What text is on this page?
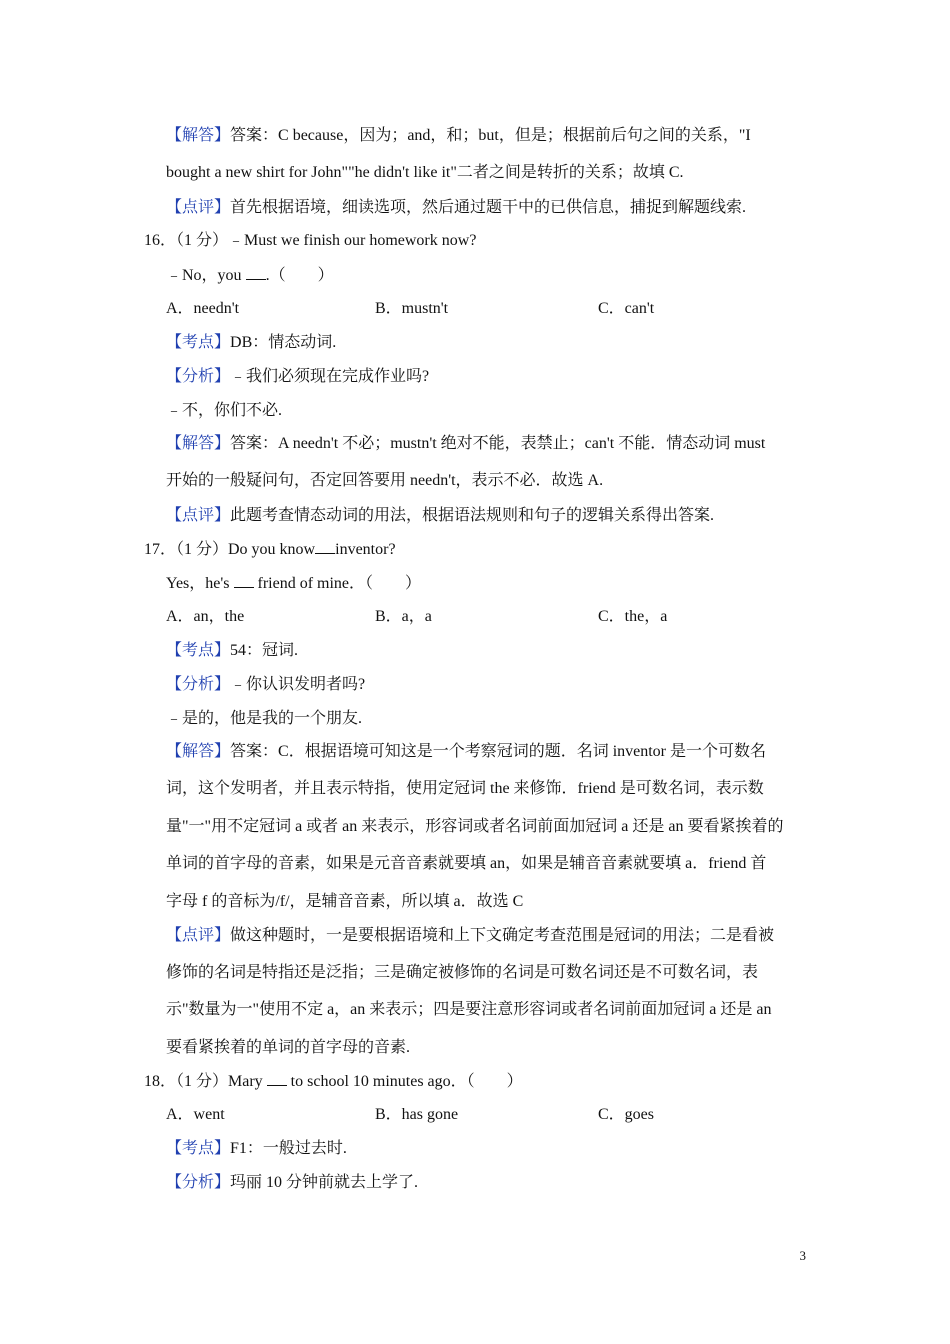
【解答】答案：C because，因为；and，和；but，但是；根据前后句之间的关系，"I
bought a new shirt for John""he didn't like it"二者之间是转折的关系；故填 C.
【点评】首先根据语境，细读选项，然后通过题干中的已供信息，捕捉到解题线索.
16．（1 分）﹣Must we finish our homework now?
﹣No，you .（　　）
A．needn't	B．mustn't	C．can't
【考点】DB：情态动词.
【分析】﹣我们必须现在完成作业吗?
﹣不，你们不必.
【解答】答案：A needn't 不必；mustn't 绝对不能，表禁止；can't 不能．情态动词 must
开始的一般疑问句，否定回答要用 needn't，表示不必．故选 A.
【点评】此题考查情态动词的用法，根据语法规则和句子的逻辑关系得出答案.
17．（1 分）Do you know inventor?
Yes，he's friend of mine．（　　）
A．an，the	B．a，a	C．the，a
【考点】54：冠词.
【分析】﹣你认识发明者吗?
﹣是的，他是我的一个朋友.
【解答】答案：C．根据语境可知这是一个考察冠词的题．名词 inventor 是一个可数名
词，这个发明者，并且表示特指，使用定冠词 the 来修饰．friend 是可数名词，表示数
量"一"用不定冠词 a 或者 an 来表示，形容词或者名词前面加冠词 a 还是 an 要看紧挨着的
单词的首字母的音素，如果是元音音素就要填 an，如果是辅音音素就要填 a．friend 首
字母 f 的音标为/f/，是辅音音素，所以填 a．故选 C
【点评】做这种题时，一是要根据语境和上下文确定考查范围是冠词的用法；二是看被
修饰的名词是特指还是泛指；三是确定被修饰的名词是可数名词还是不可数名词，表
示"数量为一"使用不定 a，an 来表示；四是要注意形容词或者名词前面加冠词 a 还是 an
要看紧挨着的单词的首字母的音素.
18．（1 分）Mary to school 10 minutes ago．（　　）
A．went	B．has gone	C．goes
【考点】F1：一般过去时.
【分析】玛丽 10 分钟前就去上学了.
3
